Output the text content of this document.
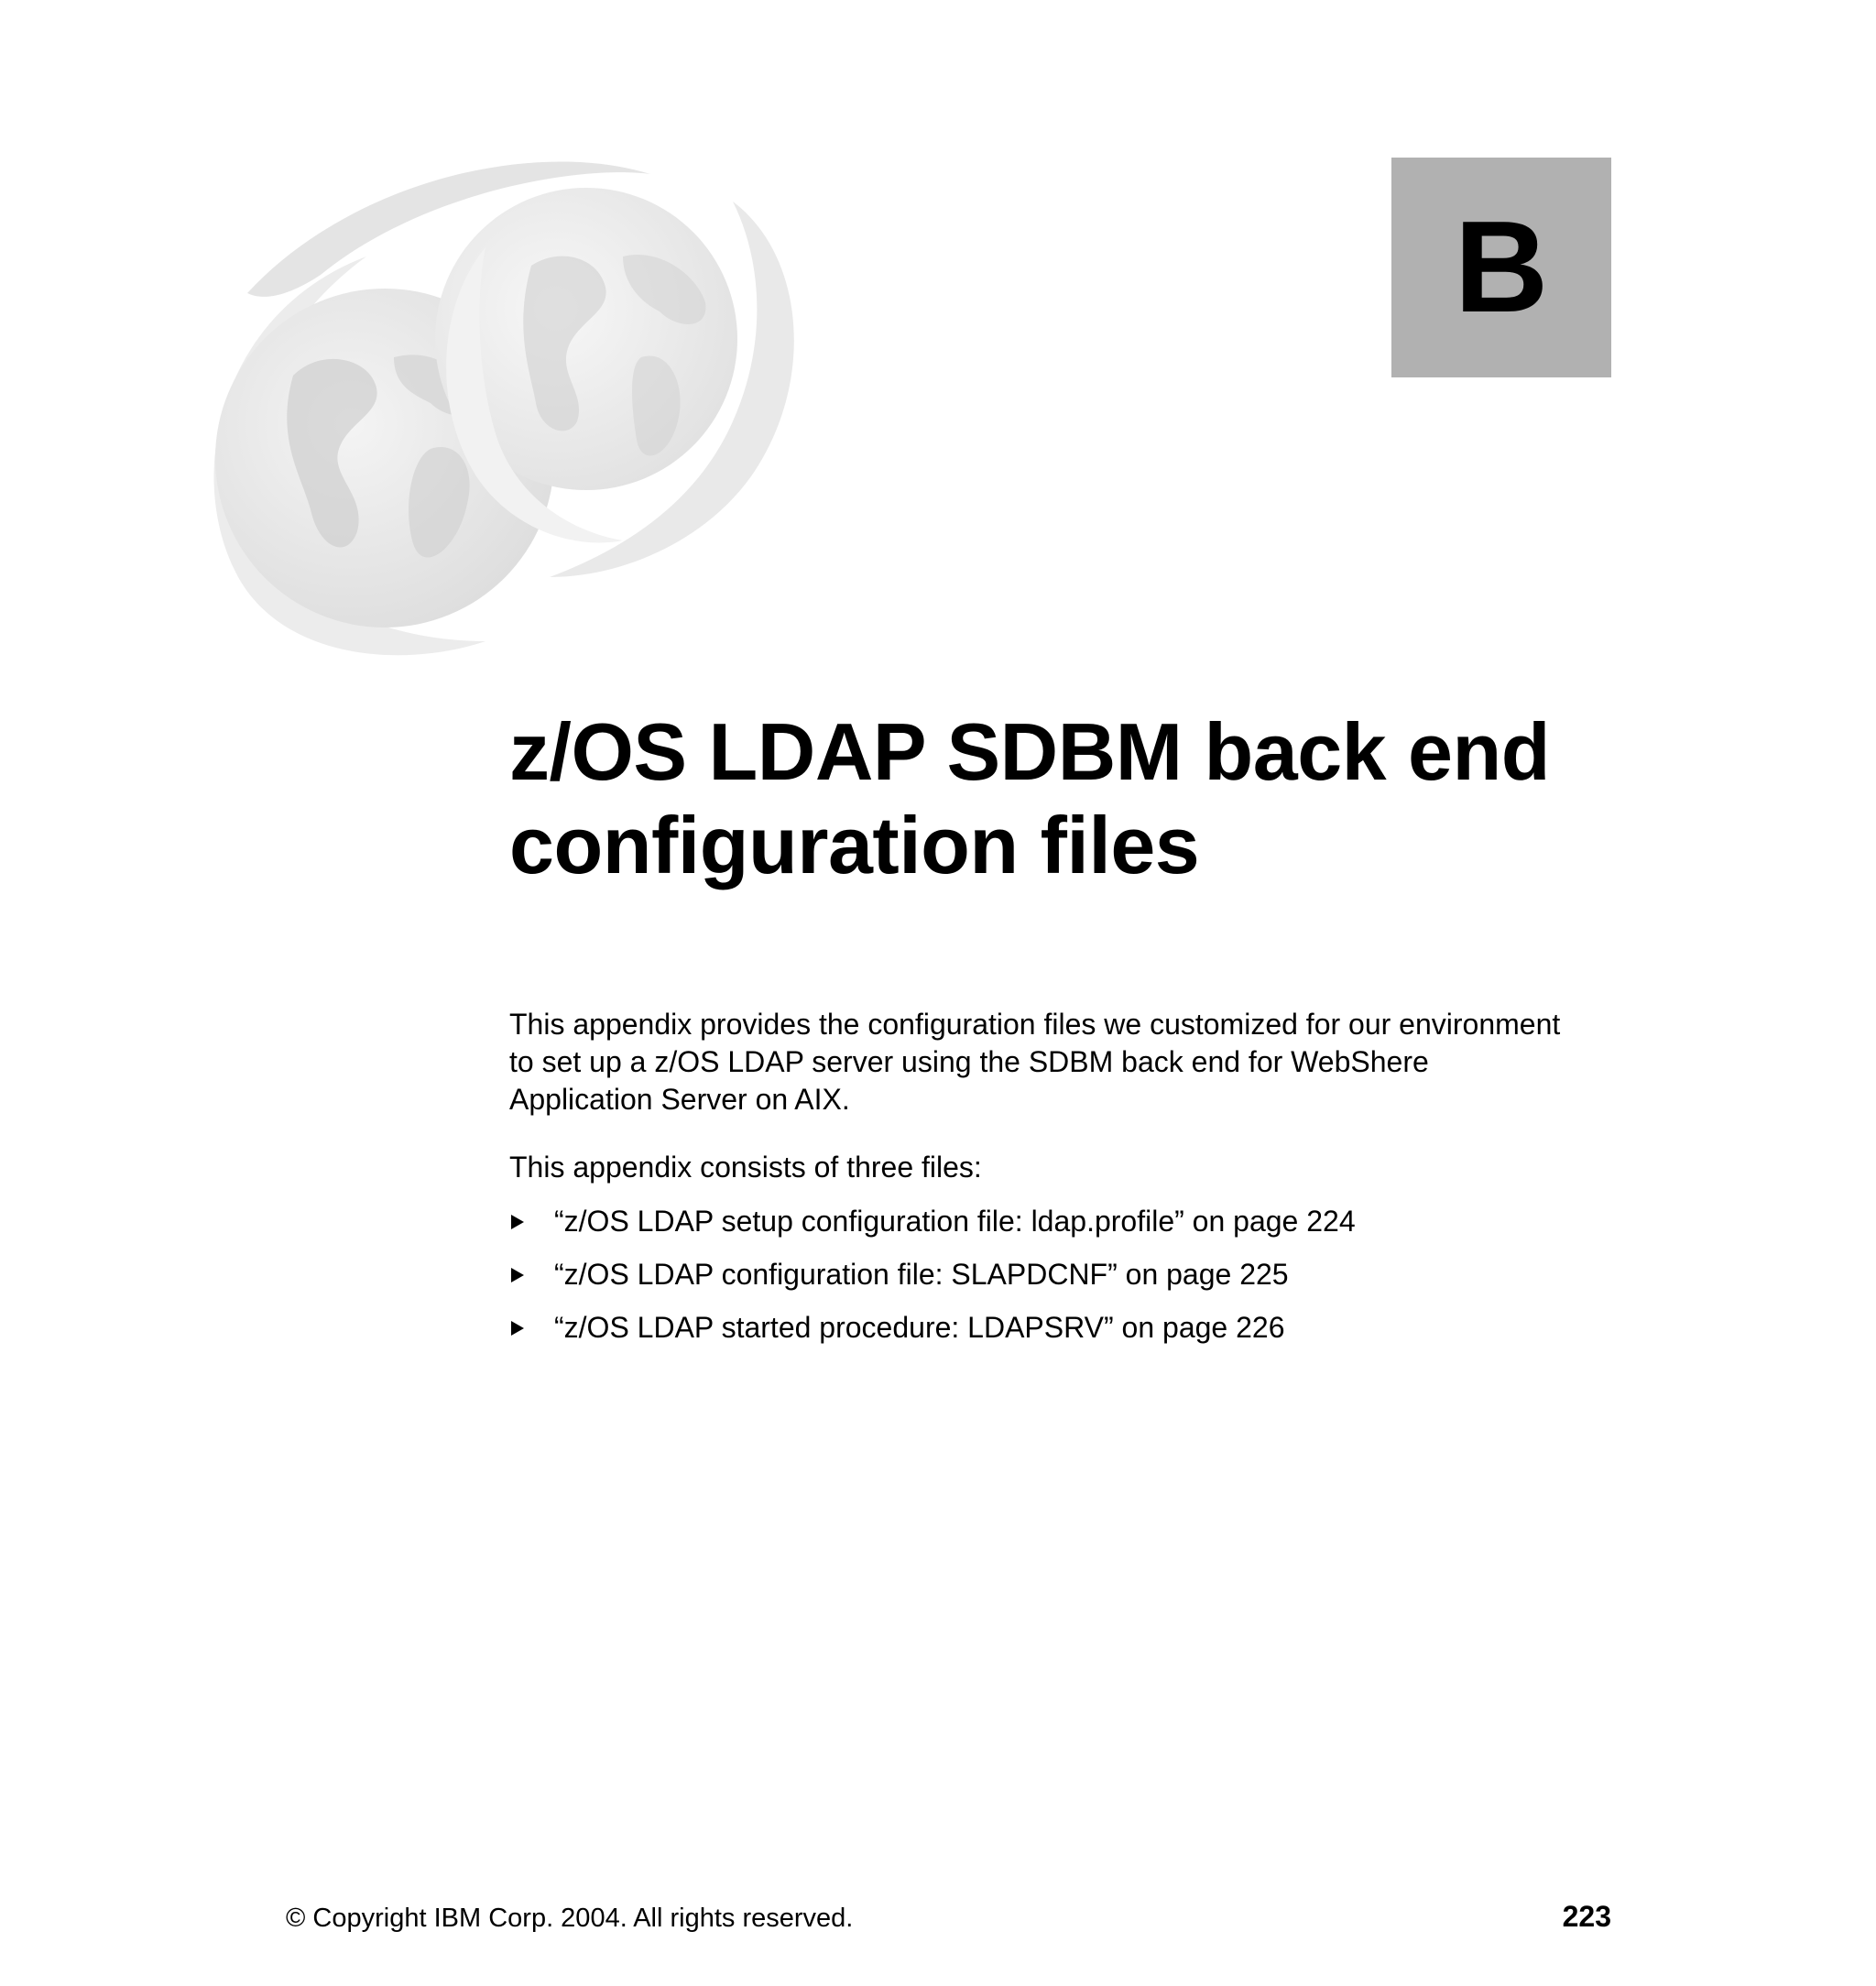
B
z/OS LDAP SDBM back end
configuration files

This appendix provides the configuration files we customized for our environment
to set up a z/OS LDAP server using the SDBM back end for WebShere
Application Server on AIX.

This appendix consists of three files:

“z/OS LDAP setup configuration file: ldap.profile” on page 224
“z/OS LDAP configuration file: SLAPDCNF” on page 225
“z/OS LDAP started procedure: LDAPSRV” on page 226
© Copyright IBM Corp. 2004. All rights reserved.	223
